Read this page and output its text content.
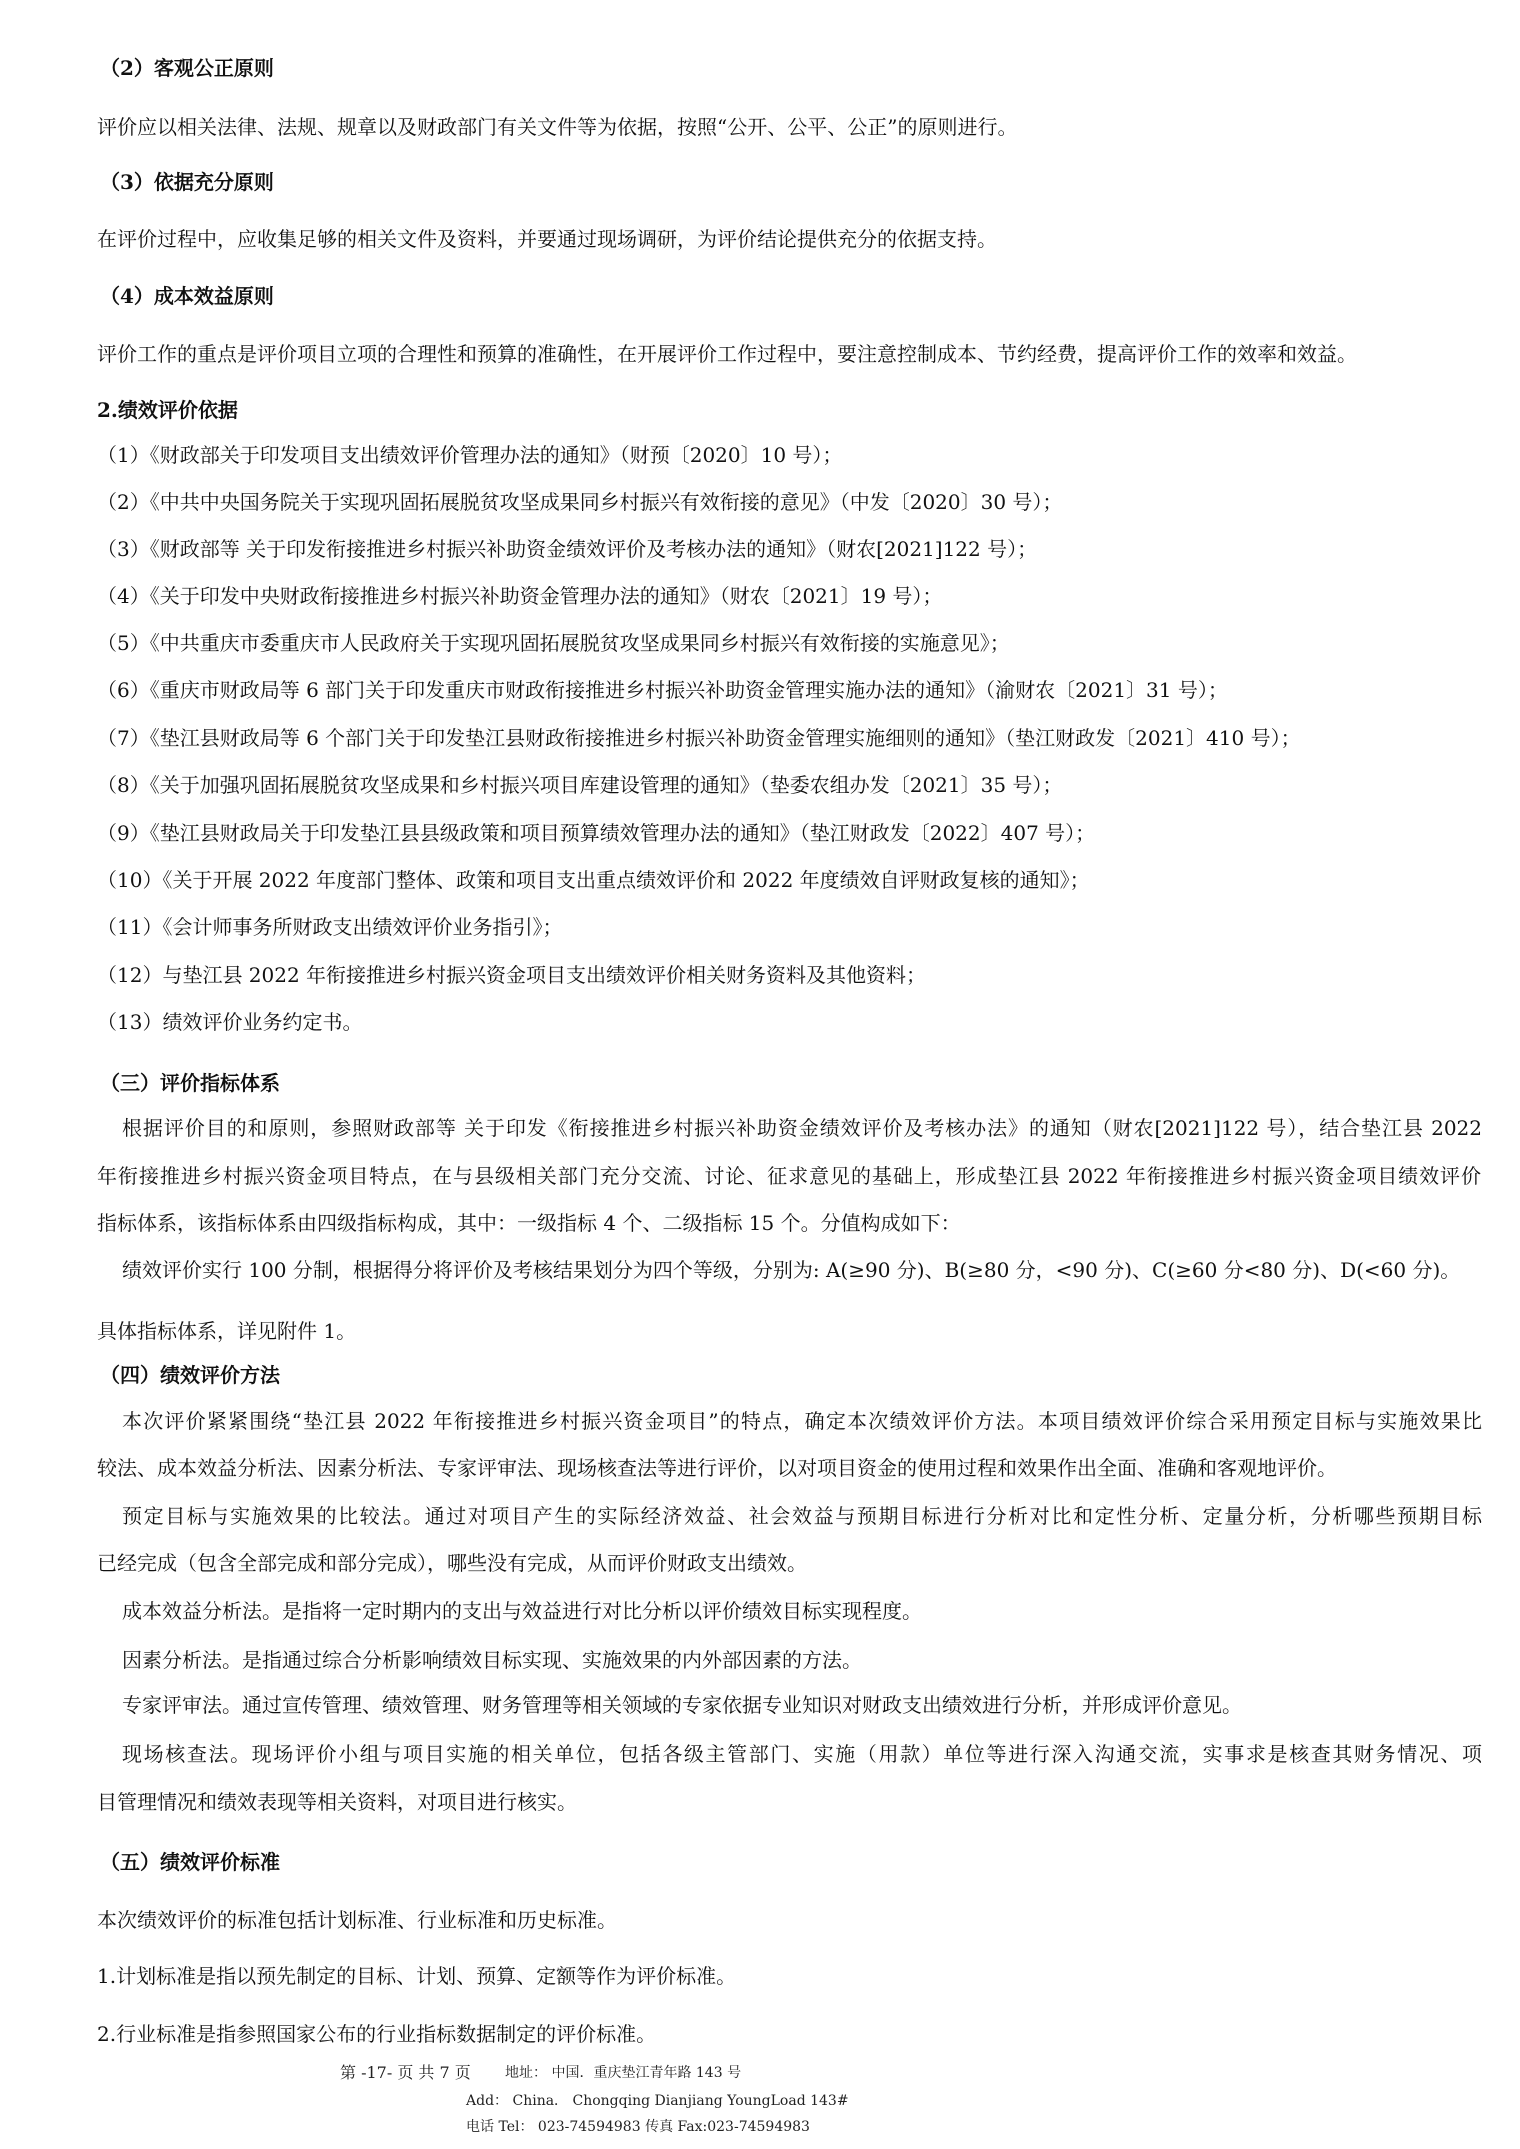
（2）客观公正原则
评价应以相关法律、法规、规章以及财政部门有关文件等为依据，按照“公开、公平、公正”的原则进行。
（3）依据充分原则
在评价过程中，应收集足够的相关文件及资料，并要通过现场调研，为评价结论提供充分的依据支持。
（4）成本效益原则
评价工作的重点是评价项目立项的合理性和预算的准确性，在开展评价工作过程中，要注意控制成本、节约经费，提高评价工作的效率和效益。
2.绩效评价依据
（1）《财政部关于印发项目支出绩效评价管理办法的通知》（财预〔2020〕10 号）；
（2）《中共中央国务院关于实现巩固拓展脱贫攻坚成果同乡村振兴有效衔接的意见》（中发〔2020〕30 号）；
（3）《财政部等 关于印发衔接推进乡村振兴补助资金绩效评价及考核办法的通知》（财农[2021]122 号）；
（4）《关于印发中央财政衔接推进乡村振兴补助资金管理办法的通知》（财农〔2021〕19 号）；
（5）《中共重庆市委重庆市人民政府关于实现巩固拓展脱贫攻坚成果同乡村振兴有效衔接的实施意见》；
（6）《重庆市财政局等 6 部门关于印发重庆市财政衔接推进乡村振兴补助资金管理实施办法的通知》（渝财农〔2021〕31 号）；
（7）《垫江县财政局等 6 个部门关于印发垫江县财政衔接推进乡村振兴补助资金管理实施细则的通知》（垫江财政发〔2021〕410 号）；
（8）《关于加强巩固拓展脱贫攻坚成果和乡村振兴项目库建设管理的通知》（垫委农组办发〔2021〕35 号）；
（9）《垫江县财政局关于印发垫江县县级政策和项目预算绩效管理办法的通知》（垫江财政发〔2022〕407 号）；
（10）《关于开展 2022 年度部门整体、政策和项目支出重点绩效评价和 2022 年度绩效自评财政复核的通知》；
（11）《会计师事务所财政支出绩效评价业务指引》；
（12）与垫江县 2022 年衔接推进乡村振兴资金项目支出绩效评价相关财务资料及其他资料；
（13）绩效评价业务约定书。
（三）评价指标体系
根据评价目的和原则，参照财政部等 关于印发《衔接推进乡村振兴补助资金绩效评价及考核办法》的通知（财农[2021]122 号），结合垫江县 2022
年衔接推进乡村振兴资金项目特点，在与县级相关部门充分交流、讨论、征求意见的基础上，形成垫江县 2022 年衔接推进乡村振兴资金项目绩效评价
指标体系，该指标体系由四级指标构成，其中：一级指标 4 个、二级指标 15 个。分值构成如下：
绩效评价实行 100 分制，根据得分将评价及考核结果划分为四个等级，分别为: A(≥90 分)、B(≥80 分，<90 分)、C(≥60 分<80 分)、D(<60 分)。
具体指标体系，详见附件 1。
（四）绩效评价方法
本次评价紧紧围绕“垫江县 2022 年衔接推进乡村振兴资金项目”的特点，确定本次绩效评价方法。本项目绩效评价综合采用预定目标与实施效果比
较法、成本效益分析法、因素分析法、专家评审法、现场核查法等进行评价，以对项目资金的使用过程和效果作出全面、准确和客观地评价。
预定目标与实施效果的比较法。通过对项目产生的实际经济效益、社会效益与预期目标进行分析对比和定性分析、定量分析，分析哪些预期目标
已经完成（包含全部完成和部分完成），哪些没有完成，从而评价财政支出绩效。
成本效益分析法。是指将一定时期内的支出与效益进行对比分析以评价绩效目标实现程度。
因素分析法。是指通过综合分析影响绩效目标实现、实施效果的内外部因素的方法。
专家评审法。通过宣传管理、绩效管理、财务管理等相关领域的专家依据专业知识对财政支出绩效进行分析，并形成评价意见。
现场核查法。现场评价小组与项目实施的相关单位，包括各级主管部门、实施（用款）单位等进行深入沟通交流，实事求是核查其财务情况、项
目管理情况和绩效表现等相关资料，对项目进行核实。
（五）绩效评价标准
本次绩效评价的标准包括计划标准、行业标准和历史标准。
1.计划标准是指以预先制定的目标、计划、预算、定额等作为评价标准。
2.行业标准是指参照国家公布的行业指标数据制定的评价标准。
第 -17- 页 共 7 页 地址： 中国．重庆垫江青年路 143 号
Add： China． Chongqing Dianjiang YoungLoad 143#
电话 Tel： 023-74594983 传真 Fax:023-74594983
